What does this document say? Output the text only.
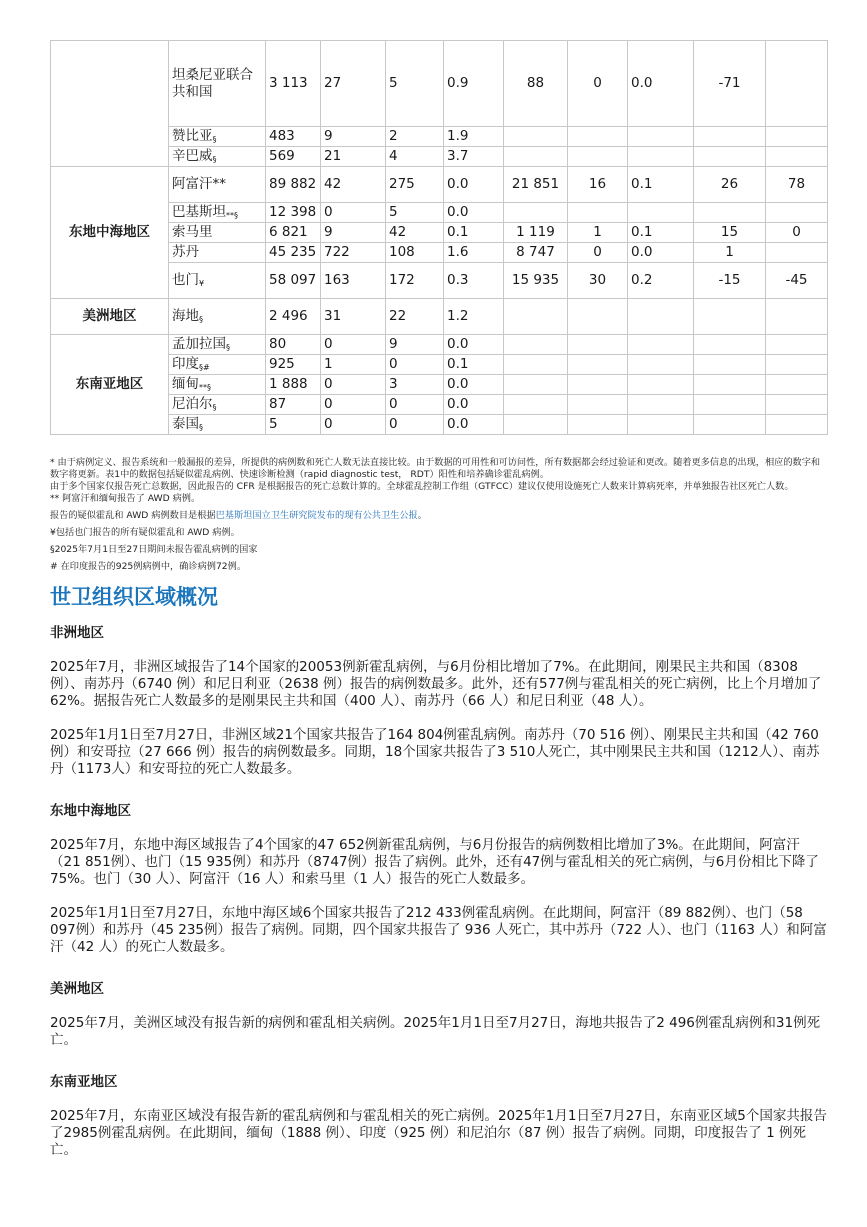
	坦桑尼亚联合共和国	3 113	27	5	0.9	88	0	0.0	-71	
	赞比亚§	483	9	2	1.9					
	辛巴威§	569	21	4	3.7					
东地中海地区	阿富汗**	89 882	42	275	0.0	21 851	16	0.1	26	78
	巴基斯坦**§	12 398	0	5	0.0					
	索马里	6 821	9	42	0.1	1 119	1	0.1	15	0
	苏丹	45 235	722	108	1.6	8 747	0	0.0	1	
	也门¥	58 097	163	172	0.3	15 935	30	0.2	-15	-45
美洲地区	海地§	2 496	31	22	1.2					
东南亚地区	孟加拉国§	80	0	9	0.0					
	印度§#	925	1	0	0.1					
	缅甸**§	1 888	0	3	0.0					
	尼泊尔§	87	0	0	0.0					
	泰国§	5	0	0	0.0					

* 由于病例定义、报告系统和一般漏报的差异，所提供的病例数和死亡人数无法直接比较。由于数据的可用性和可访问性，所有数据都会经过验证和更改。随着更多信息的出现，相应的数字和数字将更新。表1中的数据包括疑似霍乱病例、快速诊断检测（rapid diagnostic test， RDT）阳性和培养确诊霍乱病例。

由于多个国家仅报告死亡总数据，因此报告的 CFR 是根据报告的死亡总数计算的。全球霍乱控制工作组（GTFCC）建议仅使用设施死亡人数来计算病死率，并单独报告社区死亡人数。

** 阿富汗和缅甸报告了 AWD 病例。

报告的疑似霍乱和 AWD 病例数目是根据巴基斯坦国立卫生研究院发布的现有公共卫生公报。

¥包括也门报告的所有疑似霍乱和 AWD 病例。

§2025年7月1日至27日期间未报告霍乱病例的国家

# 在印度报告的925例病例中，确诊病例72例。

世卫组织区域概况
非洲地区

2025年7月，非洲区域报告了14个国家的20053例新霍乱病例，与6月份相比增加了7%。在此期间，刚果民主共和国（8308 例）、南苏丹（6740 例）和尼日利亚（2638 例）报告的病例数最多。此外，还有577例与霍乱相关的死亡病例，比上个月增加了62%。据报告死亡人数最多的是刚果民主共和国（400 人）、南苏丹（66 人）和尼日利亚（48 人）。

2025年1月1日至7月27日，非洲区域21个国家共报告了164 804例霍乱病例。南苏丹（70 516 例）、刚果民主共和国（42 760 例）和安哥拉（27 666 例）报告的病例数最多。同期，18个国家共报告了3 510人死亡，其中刚果民主共和国（1212人）、南苏丹（1173人）和安哥拉的死亡人数最多。

东地中海地区

2025年7月，东地中海区域报告了4个国家的47 652例新霍乱病例，与6月份报告的病例数相比增加了3%。在此期间，阿富汗（21 851例）、也门（15 935例）和苏丹（8747例）报告了病例。此外，还有47例与霍乱相关的死亡病例，与6月份相比下降了75%。也门（30 人）、阿富汗（16 人）和索马里（1 人）报告的死亡人数最多。

2025年1月1日至7月27日，东地中海区域6个国家共报告了212 433例霍乱病例。在此期间，阿富汗（89 882例）、也门（58 097例）和苏丹（45 235例）报告了病例。同期，四个国家共报告了 936 人死亡，其中苏丹（722 人）、也门（1163 人）和阿富汗（42 人）的死亡人数最多。

美洲地区

2025年7月，美洲区域没有报告新的病例和霍乱相关病例。2025年1月1日至7月27日，海地共报告了2 496例霍乱病例和31例死亡。

东南亚地区

2025年7月，东南亚区域没有报告新的霍乱病例和与霍乱相关的死亡病例。2025年1月1日至7月27日，东南亚区域5个国家共报告了2985例霍乱病例。在此期间，缅甸（1888 例）、印度（925 例）和尼泊尔（87 例）报告了病例。同期，印度报告了 1 例死亡。
